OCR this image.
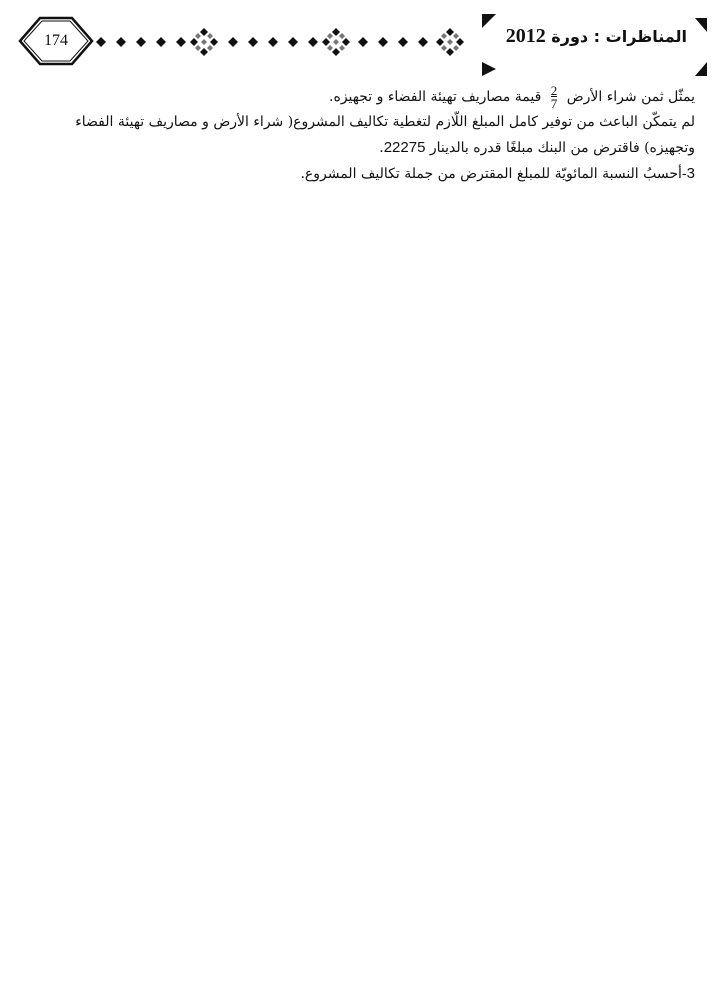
174	المناظرات : دورة 2012

يمثّل ثمن شراء الأرض
$\frac{2}{7}$
قيمة مصاريف تهيئة الفضاء و تجهيزه.

لم يتمكّن الباعث من توفير كامل المبلغ اللّازم لتغطية تكاليف المشروع( شراء الأرض و مصاريف تهيئة الفضاء وتجهيزه) فاقترض من البنك مبلغًا قدره بالدينار 22275.

3-أحسبُ النسبة المائويّة للمبلغ المقترض من جملة تكاليف المشروع.
